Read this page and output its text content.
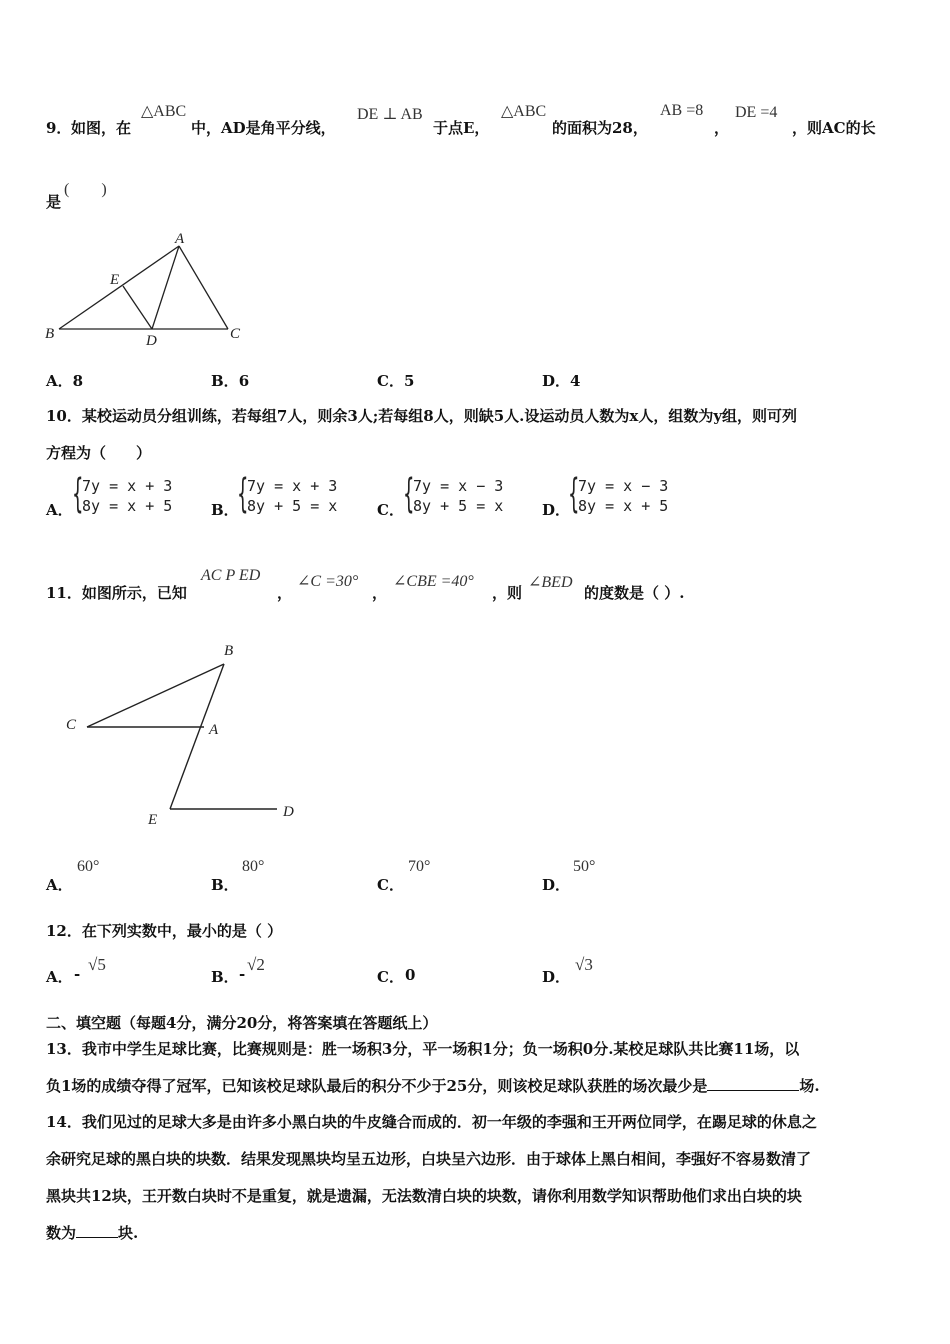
9． 如图，在
△ABC
中，AD是角平分线，
DE ⊥ AB
于点E，
△ABC
的面积为28，
AB =8
，
DE =4
，则AC的长
是
(　　)
A
B	C
D
E
A．8	B．6	C．5	D．4
10．某校运动员分组训练，若每组7人，则余3人;若每组8人，则缺5人.设运动员人数为x人，组数为y组，则可列
方程为（　　）
A． {
7y = x + 3
8y = x + 5	B．
{
7y = x + 3
8y + 5 = x	C． {
7y = x − 3
8y + 5 = x	D．
{
7y = x − 3
8y = x + 5
11．如图所示，已知
AC P ED
，
∠C =30°
，
∠CBE =40°
，则
∠BED
的度数是（ ）.
B
C	A
E	D
A．
60°
B．
80°
C．
70°
D．
50°
12．在下列实数中，最小的是（ ）
A． - √5
B． - √2
C． 0	D．
√3
二、填空题（每题4分，满分20分，将答案填在答题纸上）
13．我市中学生足球比赛，比赛规则是：胜一场积3分，平一场积1分；负一场积0分.某校足球队共比赛11场，以
负1场的成绩夺得了冠军，已知该校足球队最后的积分不少于25分，则该校足球队获胜的场次最少是	场.
14．我们见过的足球大多是由许多小黑白块的牛皮缝合而成的．初一年级的李强和王开两位同学，在踢足球的休息之
余研究足球的黑白块的块数．结果发现黑块均呈五边形，白块呈六边形．由于球体上黑白相间，李强好不容易数清了
黑块共12块，王开数白块时不是重复，就是遗漏，无法数清白块的块数，请你利用数学知识帮助他们求出白块的块
数为	块.
